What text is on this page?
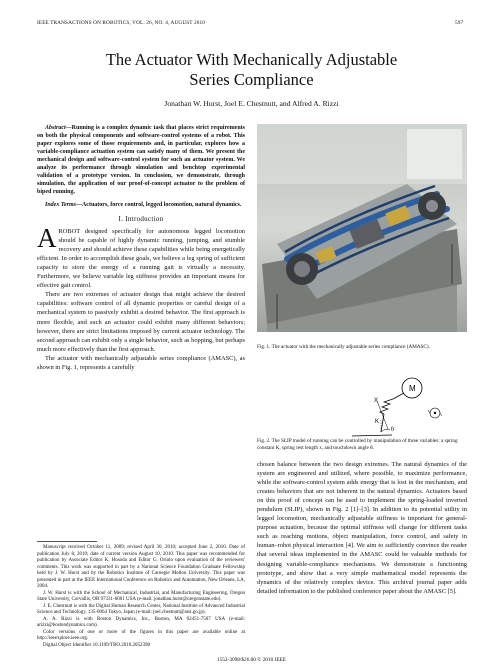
IEEE TRANSACTIONS ON ROBOTICS, VOL. 26, NO. 4, AUGUST 2010	597
The Actuator With Mechanically Adjustable
Series Compliance
Jonathan W. Hurst, Joel E. Chestnutt, and Alfred A. Rizzi
Abstract—Running is a complex dynamic task that places strict requirements on both the physical components and software-control systems of a robot. This paper explores some of those requirements and, in particular, explores how a variable-compliance actuation system can satisfy many of them. We present the mechanical design and software-control system for such an actuator system. We analyze its performance through simulation and benchtop experimental validation of a prototype version. In conclusion, we demonstrate, through simulation, the application of our proof-of-concept actuator to the problem of biped running.
Index Terms—Actuators, force control, legged locomotion, natural dynamics.
I. Introduction
AROBOT designed specifically for autonomous legged locomotion should be capable of highly dynamic running, jumping, and stumble recovery and should achieve these capabilities while being energetically efficient. In order to accomplish these goals, we believe a leg spring of sufficient capacity to store the energy of a running gait is virtually a necessity. Furthermore, we believe variable leg stiffness provides an important means for effective gait control.

There are two extremes of actuator design that might achieve the desired capabilities: software control of all dynamic properties or careful design of a mechanical system to passively exhibit a desired behavior. The first approach is more flexible, and such an actuator could exhibit many different behaviors; however, there are strict limitations imposed by current actuator technology. The second approach can exhibit only a single behavior, such as hopping, but perhaps much more effectively than the first approach.

The actuator with mechanically adjustable series compliance (AMASC), as shown in Fig. 1, represents a carefully

Manuscript received October 11, 2009; revised April 30, 2010; accepted June 2, 2010. Date of publication July 8, 2010; date of current version August 10, 2010. This paper was recommended for publication by Associate Editor K. Hosoda and Editor G. Oriolo upon evaluation of the reviewers' comments. This work was supported in part by a National Science Foundation Graduate Fellowship held by J. W. Hurst and by the Robotics Institute of Carnegie Mellon University. This paper was presented in part at the IEEE International Conference on Robotics and Automation, New Orleans, LA, 2004.

J. W. Hurst is with the School of Mechanical, Industrial, and Manufacturing Engineering, Oregon State University, Corvallis, OR 97331-6001 USA (e-mail: jonathan.hurst@oregonstate.edu).

J. E. Chestnutt is with the Digital Human Research Center, National Institute of Advanced Industrial Science and Technology, 135-0064 Tokyo, Japan (e-mail: joel.chestnutt@aist.go.jp).

A. A. Rizzi is with Boston Dynamics, Inc., Boston, MA 02451-7507 USA (e-mail: arizzi@bostondynamics.com).

Color versions of one or more of the figures in this paper are available online at http://ieeexplore.ieee.org.

Digital Object Identifier 10.1109/TRO.2010.2052398

Fig. 1. The actuator with the mechanically adjustable series compliance (AMASC).
M
X
K
θ
Fig. 2. The SLIP model of running can be controlled by manipulation of three variables: a spring constant K, spring rest length x, and touchdown angle θ.
chosen balance between the two design extremes. The natural dynamics of the system are engineered and utilized, where possible, to maximize performance, while the software-control system adds energy that is lost in the mechanism, and creates behaviors that are not inherent in the natural dynamics. Actuators based on this proof of concept can be used to implement the spring-loaded inverted pendulum (SLIP), shown in Fig. 2 [1]–[3]. In addition to its potential utility in legged locomotion, mechanically adjustable stiffness is important for general-purpose actuation, because the optimal stiffness will change for different tasks such as reaching motions, object manipulation, force control, and safety in human–robot physical interaction [4]. We aim to sufficiently convince the reader that several ideas implemented in the AMASC could be valuable methods for designing variable-compliance mechanisms. We demonstrate a functioning prototype, and show that a very simple mathematical model represents the dynamics of the relatively complex device. This archival journal paper adds detailed information to the published conference paper about the AMASC [5].
1552-3098/$26.00 © 2010 IEEE
